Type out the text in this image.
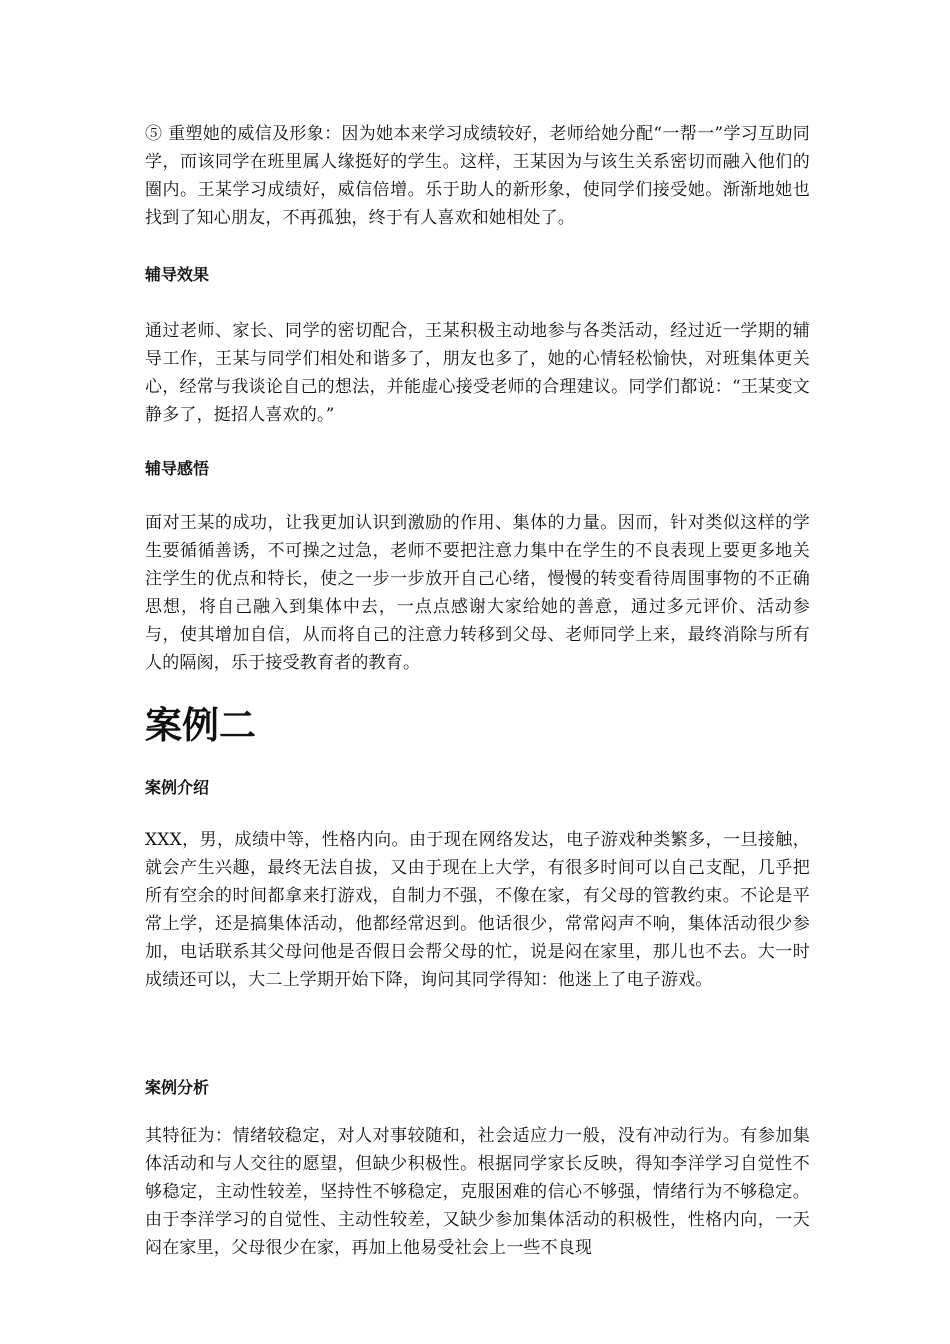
⑤ 重塑她的威信及形象：因为她本来学习成绩较好，老师给她分配“一帮一”学习互助同学，而该同学在班里属人缘挺好的学生。这样，王某因为与该生关系密切而融入他们的圈内。王某学习成绩好，威信倍增。乐于助人的新形象，使同学们接受她。渐渐地她也找到了知心朋友，不再孤独，终于有人喜欢和她相处了。

辅导效果

通过老师、家长、同学的密切配合，王某积极主动地参与各类活动，经过近一学期的辅导工作，王某与同学们相处和谐多了，朋友也多了，她的心情轻松愉快，对班集体更关心，经常与我谈论自己的想法，并能虚心接受老师的合理建议。同学们都说：“王某变文静多了，挺招人喜欢的。”

辅导感悟

面对王某的成功，让我更加认识到激励的作用、集体的力量。因而，针对类似这样的学生要循循善诱，不可操之过急，老师不要把注意力集中在学生的不良表现上要更多地关注学生的优点和特长，使之一步一步放开自己心绪，慢慢的转变看待周围事物的不正确思想，将自己融入到集体中去，一点点感谢大家给她的善意，通过多元评价、活动参与，使其增加自信，从而将自己的注意力转移到父母、老师同学上来，最终消除与所有人的隔阂，乐于接受教育者的教育。

案例二
案例介绍

XXX，男，成绩中等，性格内向。由于现在网络发达，电子游戏种类繁多，一旦接触，就会产生兴趣，最终无法自拔，又由于现在上大学，有很多时间可以自己支配，几乎把所有空余的时间都拿来打游戏，自制力不强，不像在家，有父母的管教约束。不论是平常上学，还是搞集体活动，他都经常迟到。他话很少，常常闷声不响，集体活动很少参加，电话联系其父母问他是否假日会帮父母的忙，说是闷在家里，那儿也不去。大一时成绩还可以，大二上学期开始下降，询问其同学得知：他迷上了电子游戏。

案例分析

其特征为：情绪较稳定，对人对事较随和，社会适应力一般，没有冲动行为。有参加集体活动和与人交往的愿望，但缺少积极性。根据同学家长反映，得知李洋学习自觉性不够稳定，主动性较差，坚持性不够稳定，克服困难的信心不够强，情绪行为不够稳定。由于李洋学习的自觉性、主动性较差，又缺少参加集体活动的积极性，性格内向，一天闷在家里，父母很少在家，再加上他易受社会上一些不良现
